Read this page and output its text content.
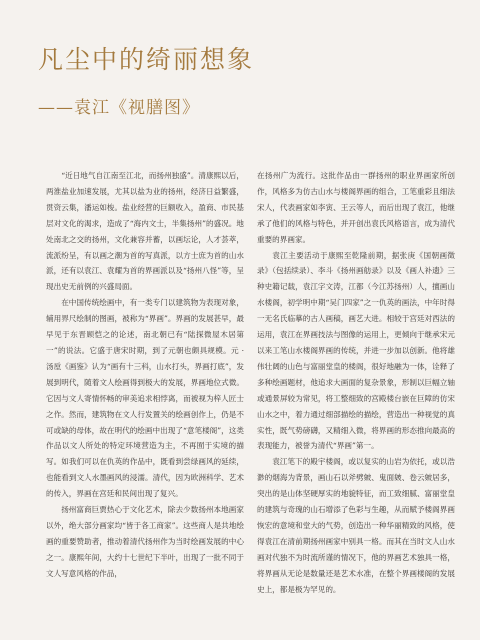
凡尘中的绮丽想象
——袁江《视膳图》

“近日地气自江南至江北，而扬州独盛”。清康熙以后，两淮盐业加速发展，尤其以盐为业的扬州，经济日益繁盛，贯资云集，潘运如梭。盐业经营的巨额收入，盈商、市民基层对文化的渴求，造成了“海内文士，半集扬州”的盛况。地处南北之交的扬州，文化兼容并蓄，以画坛论，人才荟萃，流派纷呈，有以画之潮为首的写真派，以方士庶为首的山水派，还有以袁江、袁耀为首的界画派以及“扬州八怪”等，呈现出史无前例的兴盛局面。

在中国传统绘画中，有一类专门以建筑物为表现对象，辅用界尺绘制的图画，被称为“界画”。界画的发展甚早，最早见于东晋顾恺之的论述，南北朝已有“陆探微屋木居第一”的说法。它盛于唐宋时期，到了元朝也颇具规模。元 · 汤垕《画鉴》认为“画有十三科，山水打头，界画打底”，发展到明代，随着文人绘画得到极大的发展，界画地位式微。它因与文人寄情怀畅的审美追求相悖离，而被视为梓人匠士之作。然而，建筑物在文人行发置关的绘画创作上，仍是不可或缺的母体，故在明代的绘画中出现了“意笔楼阁”，这类作品以文人所处的特定环境营造为主，不再囿于实境的描写。如我们可以在仇英的作品中，既看到尝绿画风的延续，也能看到文人水墨画风的浸濡。清代，因为欧洲科学、艺术的传入，界画在宫廷和民间出现了复兴。

扬州富商巨贾热心于文化艺术，除去少数扬州本地画家以外，绝大部分画家均“皆于各工商家”。这些商人是共地绘画的重要赞助者，推动着清代扬州作为当时绘画发展的中心之一。康熙年间，大约十七世纪下半叶，出现了一批不同于文人写意风格的作品，

在扬州广为流行。这批作品由一群扬州的职业界画家所创作，风格多为仿古山水与楼阁界画的组合，工笔重彩且细法宋人，代表画家如李寅、王云等人，而后出现了袁江，他继承了他们的风格与特色，并开创出袁氏风格语言，成为清代重要的界画家。

袁江主要活动于康熙至乾隆前期，据张庚《国朝画徵录》（包括续录）、李斗《扬州画舫录》以及《画人补遗》三种史籍记载，袁江字文涛，江都（今江苏扬州）人，擅画山水楼阁，初学明中期“吴门四家”之一仇英的画法，中年时得一无名氏临摹的古人画稿，画艺大进。相较于宫廷对西法的运用，袁江在界画技法与图像的运用上，更倾向于继承宋元以来工笔山水楼阁界画的传统，并进一步加以创新。他将雄伟壮阔的山色与富丽堂皇的楼阁，很好地融为一体，诠释了多种绘画题材，他追求大画面的复杂景象，形制以巨幅立轴或通景屏较为常见，将工整细致的宫殿楼台嵌在巨障的仿宋山水之中，着力通过细部描绘的描绘，营造出一种视觉的真实性，既气势磅礴，又精细入微，将界画的形态推向最高的表现能力，被誉为清代“界画”第一。

袁江笔下的殿宇楼阁，或以复实的山岩为依托，或以浩渺的烟海为背景，画山石以斧劈皴、鬼面皴、卷云皴居多，突出的是山体坚硬厚实的地貌特征，而工致细腻、富丽堂皇的建筑与奇瑰的山石增添了色彩与生趣，从而赋予楼阁界画恢宏的意境和堂大的气势，创造出一种华丽精致的风格，使得袁江在清前期扬州画家中别具一格。而其在当时文人山水画对代独不为时流所谨的情况下，他的界画艺术独具一格，将界画从无论是数量还是艺术水准，在整个界画楼阁的发展史上，都是极为罕见的。
